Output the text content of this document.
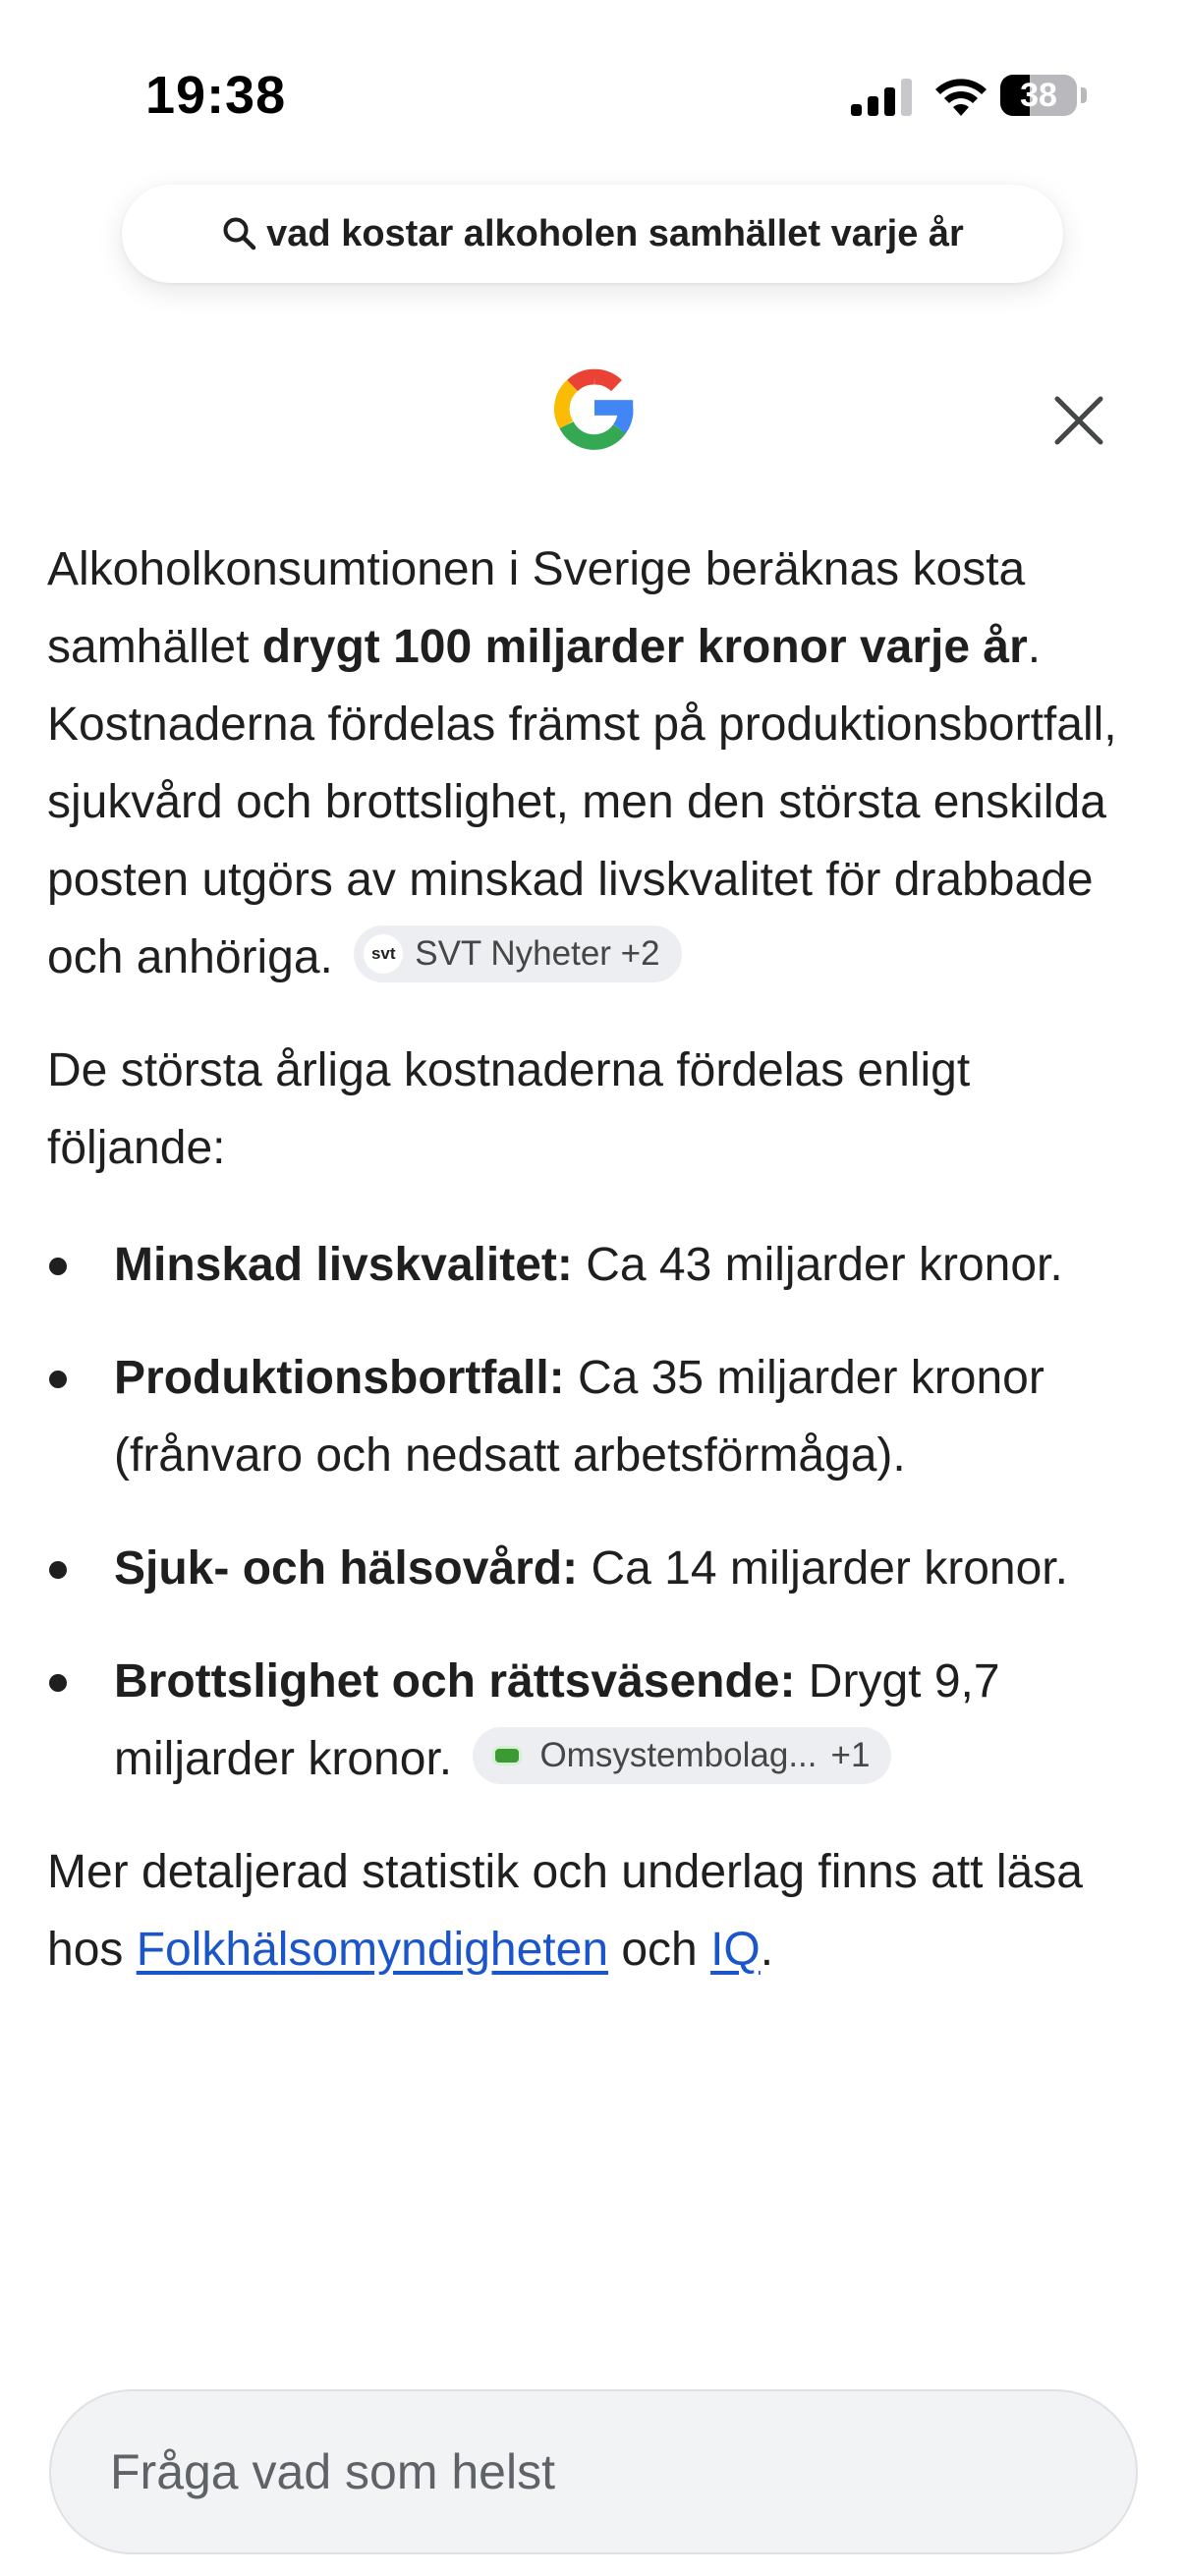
19:38	38
vad kostar alkoholen samhället varje år

Alkoholkonsumtionen i Sverige beräknas kosta samhället drygt 100 miljarder kronor varje år. Kostnaderna fördelas främst på produktionsbortfall, sjukvård och brottslighet, men den största enskilda posten utgörs av minskad livskvalitet för drabbade och anhöriga. svt SVT Nyheter +2

De största årliga kostnaderna fördelas enligt följande:

Minskad livskvalitet: Ca 43 miljarder kronor.
Produktionsbortfall: Ca 35 miljarder kronor (frånvaro och nedsatt arbetsförmåga).
Sjuk- och hälsovård: Ca 14 miljarder kronor.
Brottslighet och rättsväsende: Drygt 9,7 miljarder kronor.	Omsystembolag... +1

Mer detaljerad statistik och underlag finns att läsa hos Folkhälsomyndigheten och IQ.

Fråga vad som helst
